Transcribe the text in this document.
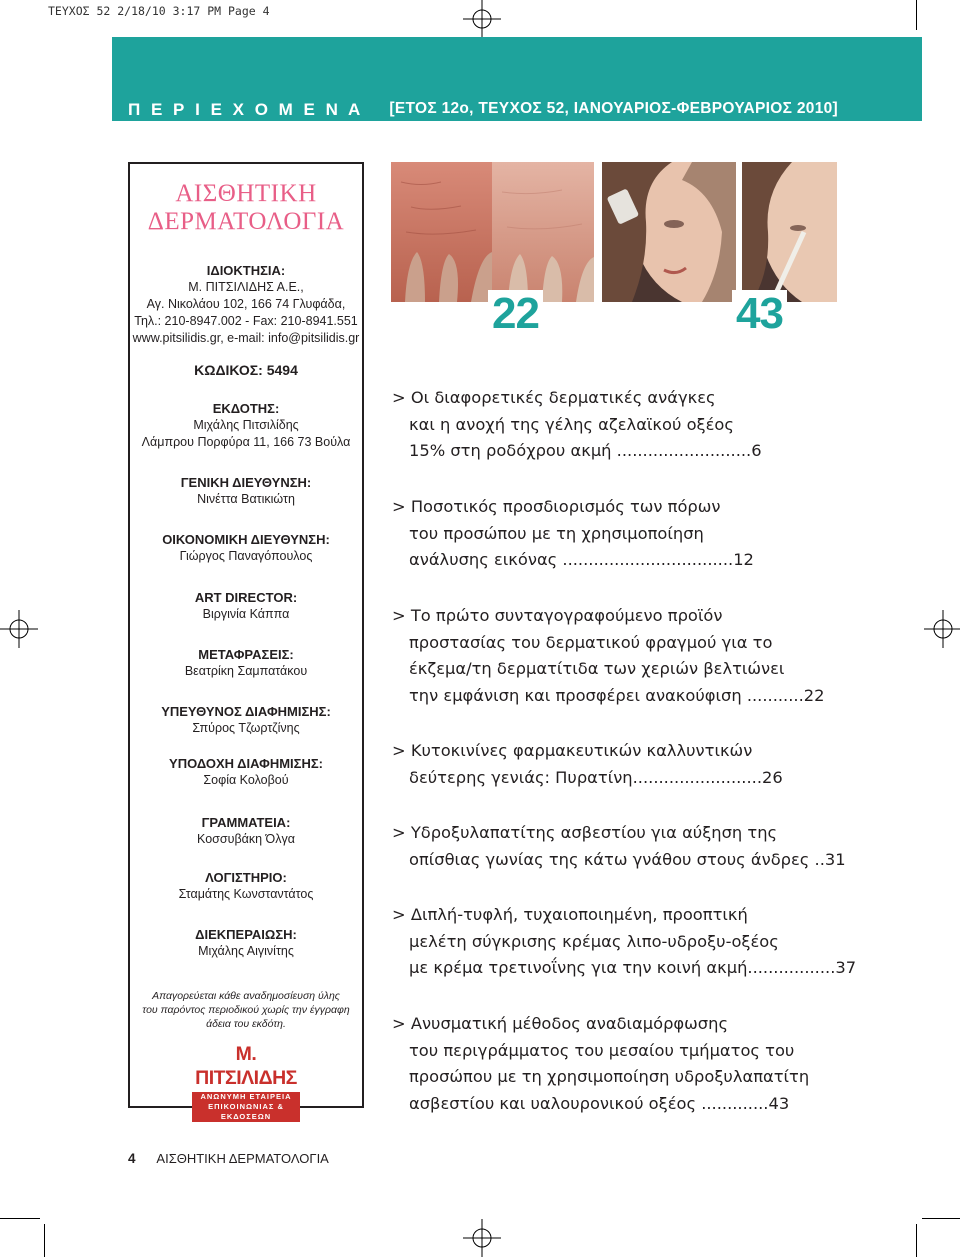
ΤΕΥΧΟΣ 52 2/18/10 3:17 PM Page 4
Π Ε Ρ Ι Ε Χ Ο Μ Ε Ν Α [ΕΤΟΣ 12ο, ΤΕΥΧΟΣ 52, ΙΑΝΟΥΑΡΙΟΣ-ΦΕΒΡΟΥΑΡΙΟΣ 2010]
ΑΙΣΘΗΤΙΚΗ
ΔΕΡΜΑΤΟΛΟΓΙΑ
ΙΔΙΟΚΤΗΣΙΑ:
Μ. ΠΙΤΣΙΛΙΔΗΣ Α.Ε.,
Αγ. Νικολάου 102, 166 74 Γλυφάδα,
Τηλ.: 210-8947.002 - Fax: 210-8941.551
www.pitsilidis.gr, e-mail: info@pitsilidis.gr
ΚΩΔΙΚΟΣ: 5494
ΕΚΔΟΤΗΣ:
Μιχάλης Πιτσιλίδης
Λάμπρου Πορφύρα 11, 166 73 Βούλα
ΓΕΝΙΚΗ ΔΙΕΥΘΥΝΣΗ:
Νινέττα Βατικιώτη
ΟΙΚΟΝΟΜΙΚΗ ΔΙΕΥΘΥΝΣΗ:
Γιώργος Παναγόπουλος
ART DIRECTOR:
Βιργινία Κάππα
ΜΕΤΑΦΡΑΣΕΙΣ:
Βεατρίκη Σαμπατάκου
ΥΠΕΥΘΥΝΟΣ ΔΙΑΦΗΜΙΣΗΣ:
Σπύρος Τζωρτζίνης
ΥΠΟΔΟΧΗ ΔΙΑΦΗΜΙΣΗΣ:
Σοφία Κολοβού
ΓΡΑΜΜΑΤΕΙΑ:
Κοσσυβάκη Όλγα
ΛΟΓΙΣΤΗΡΙΟ:
Σταμάτης Κωνσταντάτος
ΔΙΕΚΠΕΡΑΙΩΣΗ:
Μιχάλης Αιγινίτης
Απαγορεύεται κάθε αναδημοσίευση ύλης
του παρόντος περιοδικού χωρίς την έγγραφη
άδεια του εκδότη.
Μ. ΠΙΤΣΙΛΙΔΗΣ
ΑΝΩΝΥΜΗ ΕΤΑΙΡΕΙΑ
ΕΠΙΚΟΙΝΩΝΙΑΣ & ΕΚΔΟΣΕΩΝ
22	43
> Οι διαφορετικές δερματικές ανάγκες
και η ανοχή της γέλης αζελαϊκού οξέος
15% στη ροδόχρου ακμή ..........................6
> Ποσοτικός προσδιορισμός των πόρων
του προσώπου με τη χρησιμοποίηση
ανάλυσης εικόνας .................................12
> Το πρώτο συνταγογραφούμενο προϊόν
προστασίας του δερματικού φραγμού για το
έκζεμα/τη δερματίτιδα των χεριών βελτιώνει
την εμφάνιση και προσφέρει ανακούφιση ...........22
> Κυτοκινίνες φαρμακευτικών καλλυντικών
δεύτερης γενιάς: Πυρατίνη.........................26
> Υδροξυλαπατίτης ασβεστίου για αύξηση της
οπίσθιας γωνίας της κάτω γνάθου στους άνδρες ..31
> Διπλή-τυφλή, τυχαιοποιημένη, προοπτική
μελέτη σύγκρισης κρέμας λιπο-υδροξυ-οξέος
με κρέμα τρετινοΐνης για την κοινή ακμή.................37
> Ανυσματική μέθοδος αναδιαμόρφωσης
του περιγράμματος του μεσαίου τμήματος του
προσώπου με τη χρησιμοποίηση υδροξυλαπατίτη
ασβεστίου και υαλουρονικού οξέος .............43
4 ΑΙΣΘΗΤΙΚΗ ΔΕΡΜΑΤΟΛΟΓΙΑ
